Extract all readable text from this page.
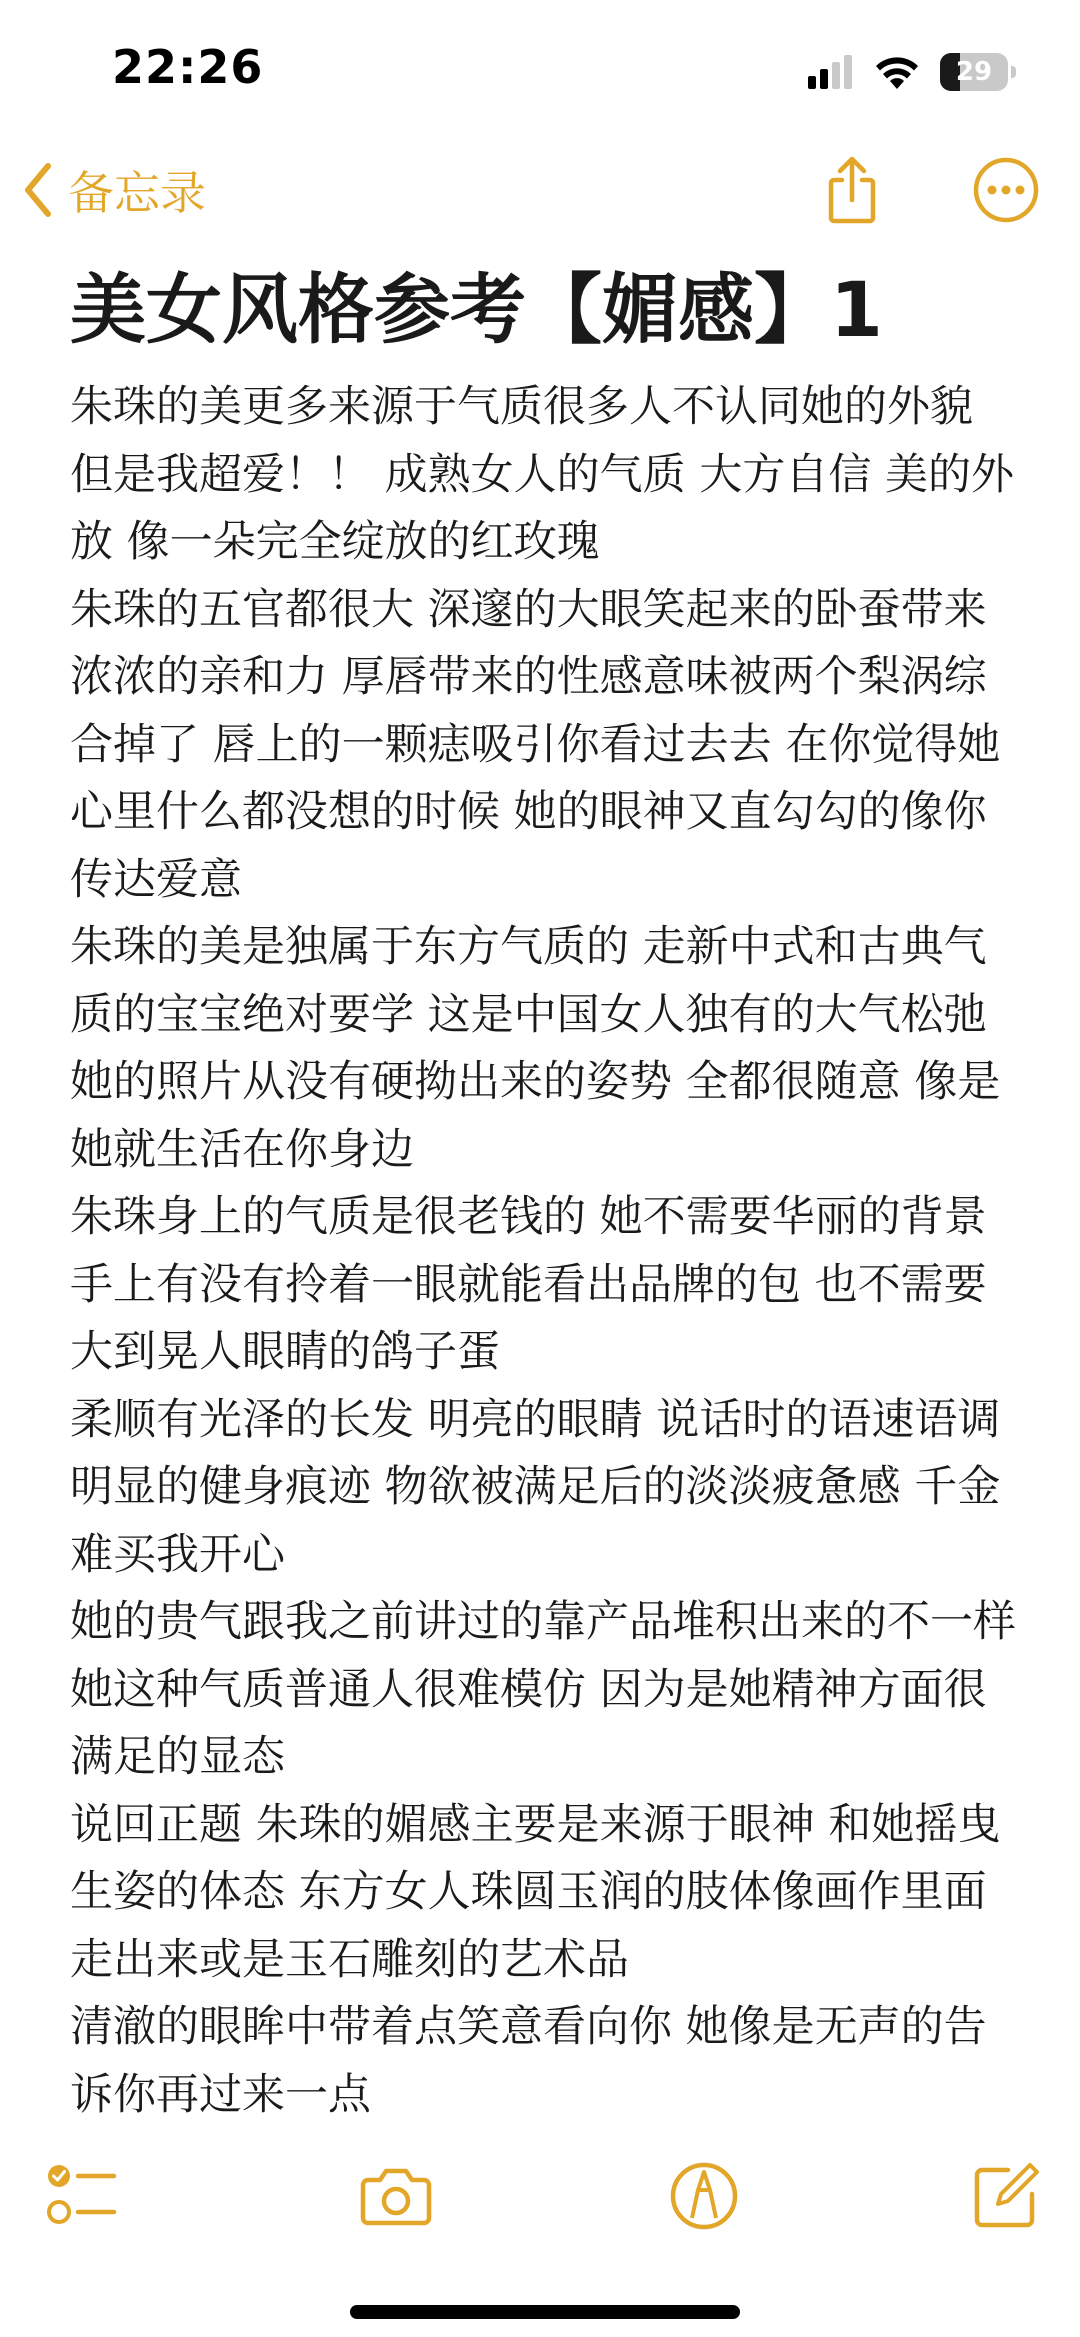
22:26	29
备忘录
美女风格参考【媚感】1

朱珠的美更多来源于气质很多人不认同她的外貌 但是我超爱！！ 成熟女人的气质 大方自信 美的外放 像一朵完全绽放的红玫瑰

朱珠的五官都很大 深邃的大眼笑起来的卧蚕带来浓浓的亲和力 厚唇带来的性感意味被两个梨涡综合掉了 唇上的一颗痣吸引你看过去去 在你觉得她心里什么都没想的时候 她的眼神又直勾勾的像你传达爱意

朱珠的美是独属于东方气质的 走新中式和古典气质的宝宝绝对要学 这是中国女人独有的大气松弛 她的照片从没有硬拗出来的姿势 全都很随意 像是她就生活在你身边

朱珠身上的气质是很老钱的 她不需要华丽的背景 手上有没有拎着一眼就能看出品牌的包 也不需要大到晃人眼睛的鸽子蛋

柔顺有光泽的长发 明亮的眼睛 说话时的语速语调 明显的健身痕迹 物欲被满足后的淡淡疲惫感 千金难买我开心

她的贵气跟我之前讲过的靠产品堆积出来的不一样 她这种气质普通人很难模仿 因为是她精神方面很满足的显态

说回正题 朱珠的媚感主要是来源于眼神 和她摇曳生姿的体态 东方女人珠圆玉润的肢体像画作里面走出来或是玉石雕刻的艺术品

清澈的眼眸中带着点笑意看向你 她像是无声的告诉你再过来一点
